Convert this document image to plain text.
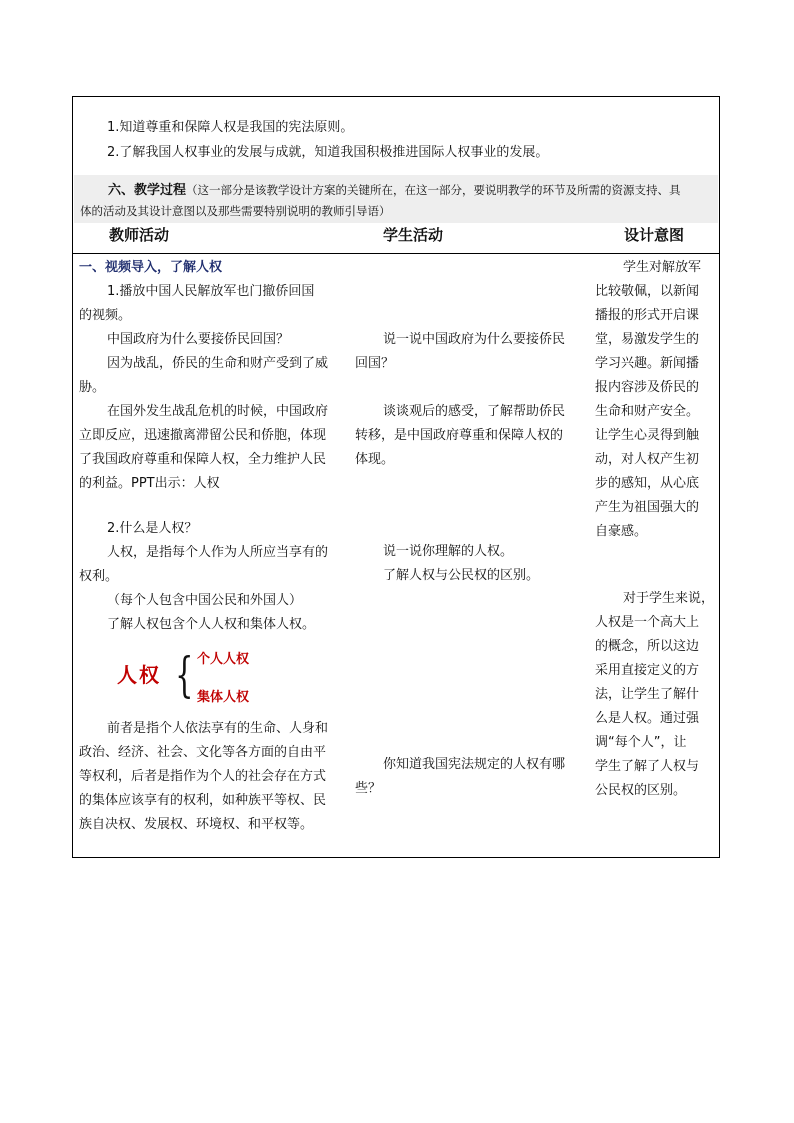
1.知道尊重和保障人权是我国的宪法原则。
2.了解我国人权事业的发展与成就，知道我国积极推进国际人权事业的发展。
六、教学过程（这一部分是该教学设计方案的关键所在，在这一部分，要说明教学的环节及所需的资源支持、具
体的活动及其设计意图以及那些需要特别说明的教师引导语）
教师活动	学生活动	设计意图
一、视频导入，了解人权
1.播放中国人民解放军也门撤侨回国
的视频。
中国政府为什么要接侨民回国？
因为战乱，侨民的生命和财产受到了威
胁。
在国外发生战乱危机的时候，中国政府
立即反应，迅速撤离滞留公民和侨胞，体现
了我国政府尊重和保障人权，全力维护人民
的利益。PPT出示：人权
2.什么是人权？
人权，是指每个人作为人所应当享有的
权利。
（每个人包含中国公民和外国人）
了解人权包含个人人权和集体人权。
人权 { 个人人权
集体人权
前者是指个人依法享有的生命、人身和
政治、经济、社会、文化等各方面的自由平
等权利，后者是指作为个人的社会存在方式
的集体应该享有的权利，如种族平等权、民
族自决权、发展权、环境权、和平权等。
说一说中国政府为什么要接侨民
回国？
谈谈观后的感受，了解帮助侨民
转移，是中国政府尊重和保障人权的
体现。
说一说你理解的人权。
了解人权与公民权的区别。
你知道我国宪法规定的人权有哪
些？
学生对解放军
比较敬佩，以新闻
播报的形式开启课
堂，易激发学生的
学习兴趣。新闻播
报内容涉及侨民的
生命和财产安全。
让学生心灵得到触
动，对人权产生初
步的感知，从心底
产生为祖国强大的
自豪感。
对于学生来说，
人权是一个高大上
的概念，所以这边
采用直接定义的方
法，让学生了解什
么是人权。通过强
调“每个人”，让
学生了解了人权与
公民权的区别。
